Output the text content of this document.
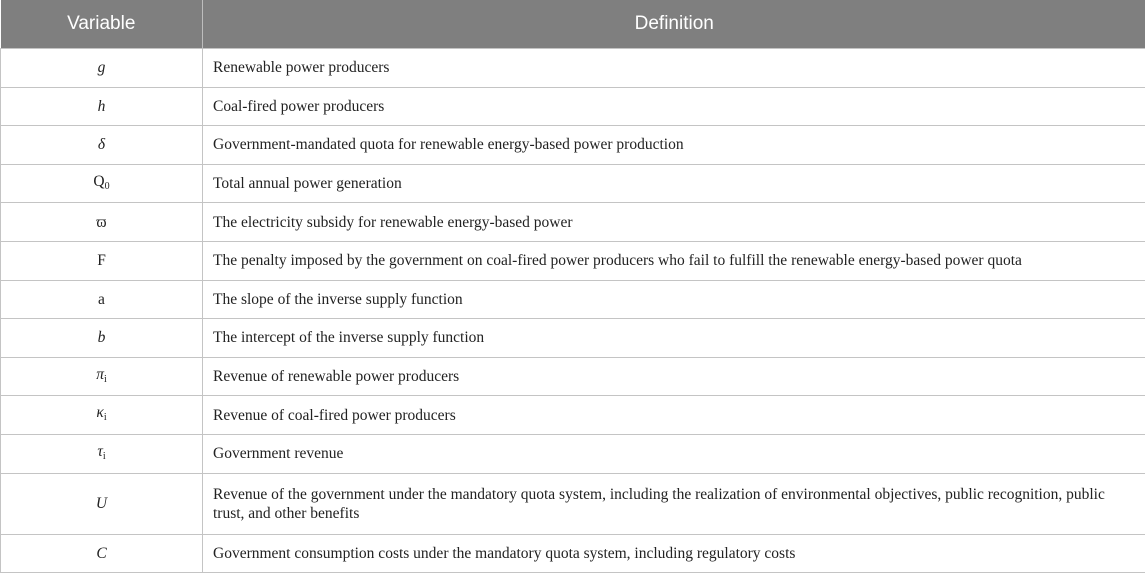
Variable	Definition
g	Renewable power producers
h	Coal-fired power producers
δ	Government-mandated quota for renewable energy-based power production
$Q_0$	Total annual power generation
ϖ	The electricity subsidy for renewable energy-based power
F	The penalty imposed by the government on coal-fired power producers who fail to fulfill the renewable energy-based power quota
a	The slope of the inverse supply function
b	The intercept of the inverse supply function
$\pi_i$	Revenue of renewable power producers
$\kappa_i$	Revenue of coal-fired power producers
$\tau_i$	Government revenue
U	Revenue of the government under the mandatory quota system, including the realization of environmental objectives, public recognition, public trust, and other benefits
C	Government consumption costs under the mandatory quota system, including regulatory costs
